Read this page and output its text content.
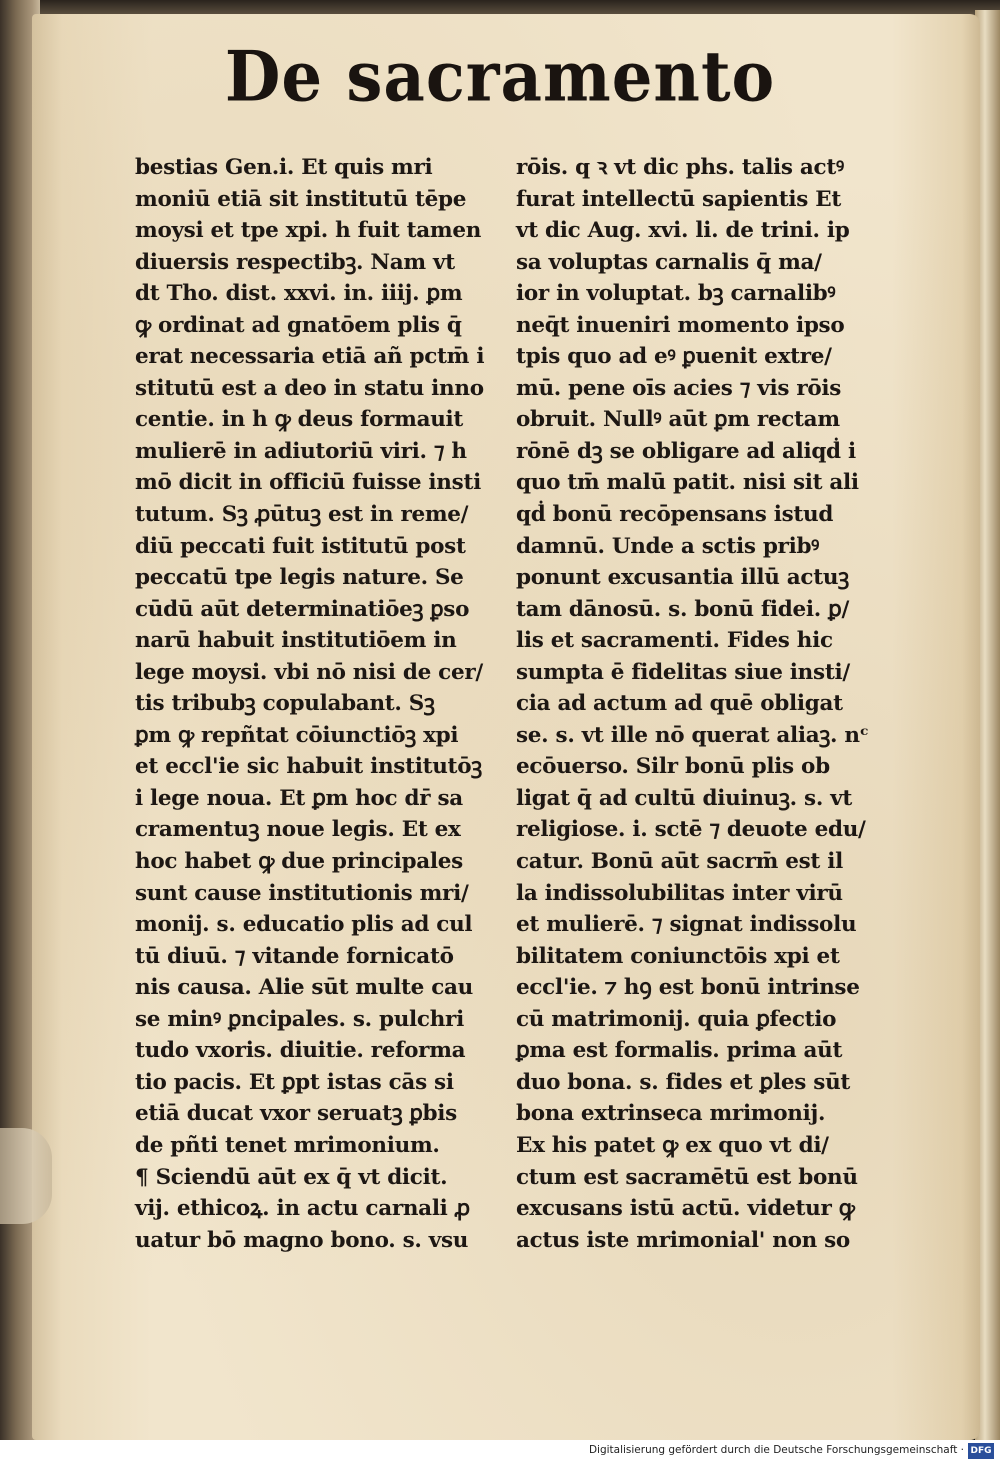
De sacramento
bestias Gen.i. Et quis mri
moniū etiā sit institutū tēpe
moysi et tpe xpi. h fuit tamen
diuersis respectibꝫ. Nam vt
dt Tho. dist. xxvi. in. iiij. ꝑm
ꝙ ordinat ad gnatōem plis q̄
erat necessaria etiā añ pctm̄ i
stitutū est a deo in statu inno
centie. in h ꝙ deus formauit
mulierē in adiutoriū viri. ⁊ h
mō dicit in officiū fuisse insti
tutum. Sꝫ ꝓūtuꝫ est in reme/
diū peccati fuit istitutū post
peccatū tpe legis nature. Se
cūdū aūt determinatiōeꝫ ꝑso
narū habuit institutiōem in
lege moysi. vbi nō nisi de cer/
tis tribubꝫ copulabant. Sꝫ
ꝑm ꝙ repñtat cōiunctiōꝫ xpi
et eccl'ie sic habuit institutōꝫ
i lege noua. Et ꝑm hoc dr̄ sa
cramentuꝫ noue legis. Et ex
hoc habet ꝙ due principales
sunt cause institutionis mri/
monij. s. educatio plis ad cul
tū diuū. ⁊ vitande fornicatō
nis causa. Alie sūt multe cau
se minꝰ ꝑncipales. s. pulchri
tudo vxoris. diuitie. reforma
tio pacis. Et ꝑpt istas cās si
etiā ducat vxor seruatꝫ ꝑbis
de pñti tenet mrimonium.
¶ Sciendū aūt ex q̄ vt dicit.
vij. ethicoꝝ. in actu carnali ꝓ
uatur bō magno bono. s. vsu
rōis. q ꝛ vt dic phs. talis actꝰ
furat intellectū sapientis Et
vt dic Aug. xvi. li. de trini. ip
sa voluptas carnalis q̄ ma/
ior in voluptat. bꝫ carnalibꝰ
neq̄t inueniri momento ipso
tpis quo ad eꝰ ꝑuenit extre/
mū. pene oīs acies ⁊ vis rōis
obruit. Nullꝰ aūt ꝑm rectam
rōnē dꝫ se obligare ad aliqḋ i
quo tm̄ malū patit. nisi sit ali
qḋ bonū recōpensans istud
damnū. Unde a sctis pribꝰ
ponunt excusantia illū actuꝫ
tam dānosū. s. bonū fidei. ꝑ/
lis et sacramenti. Fides hic
sumpta ē fidelitas siue insti/
cia ad actum ad quē obligat
se. s. vt ille nō querat aliaꝫ. nᶜ
ecōuerso. Silr bonū plis ob
ligat q̄ ad cultū diuinuꝫ. s. vt
religiose. i. sctē ⁊ deuote edu/
catur. Bonū aūt sacrm̄ est il
la indissolubilitas inter virū
et mulierē. ⁊ signat indissolu
bilitatem coniunctōis xpi et
eccl'ie. ⁊ hꝯ est bonū intrinse
cū matrimonij. quia ꝑfectio
ꝑma est formalis. prima aūt
duo bona. s. fides et ꝑles sūt
bona extrinseca mrimonij.
Ex his patet ꝙ ex quo vt di/
ctum est sacramētū est bonū
excusans istū actū. videtur ꝙ
actus iste mrimonial' non so
Digitalisierung gefördert durch die Deutsche Forschungsgemeinschaft · DFG
